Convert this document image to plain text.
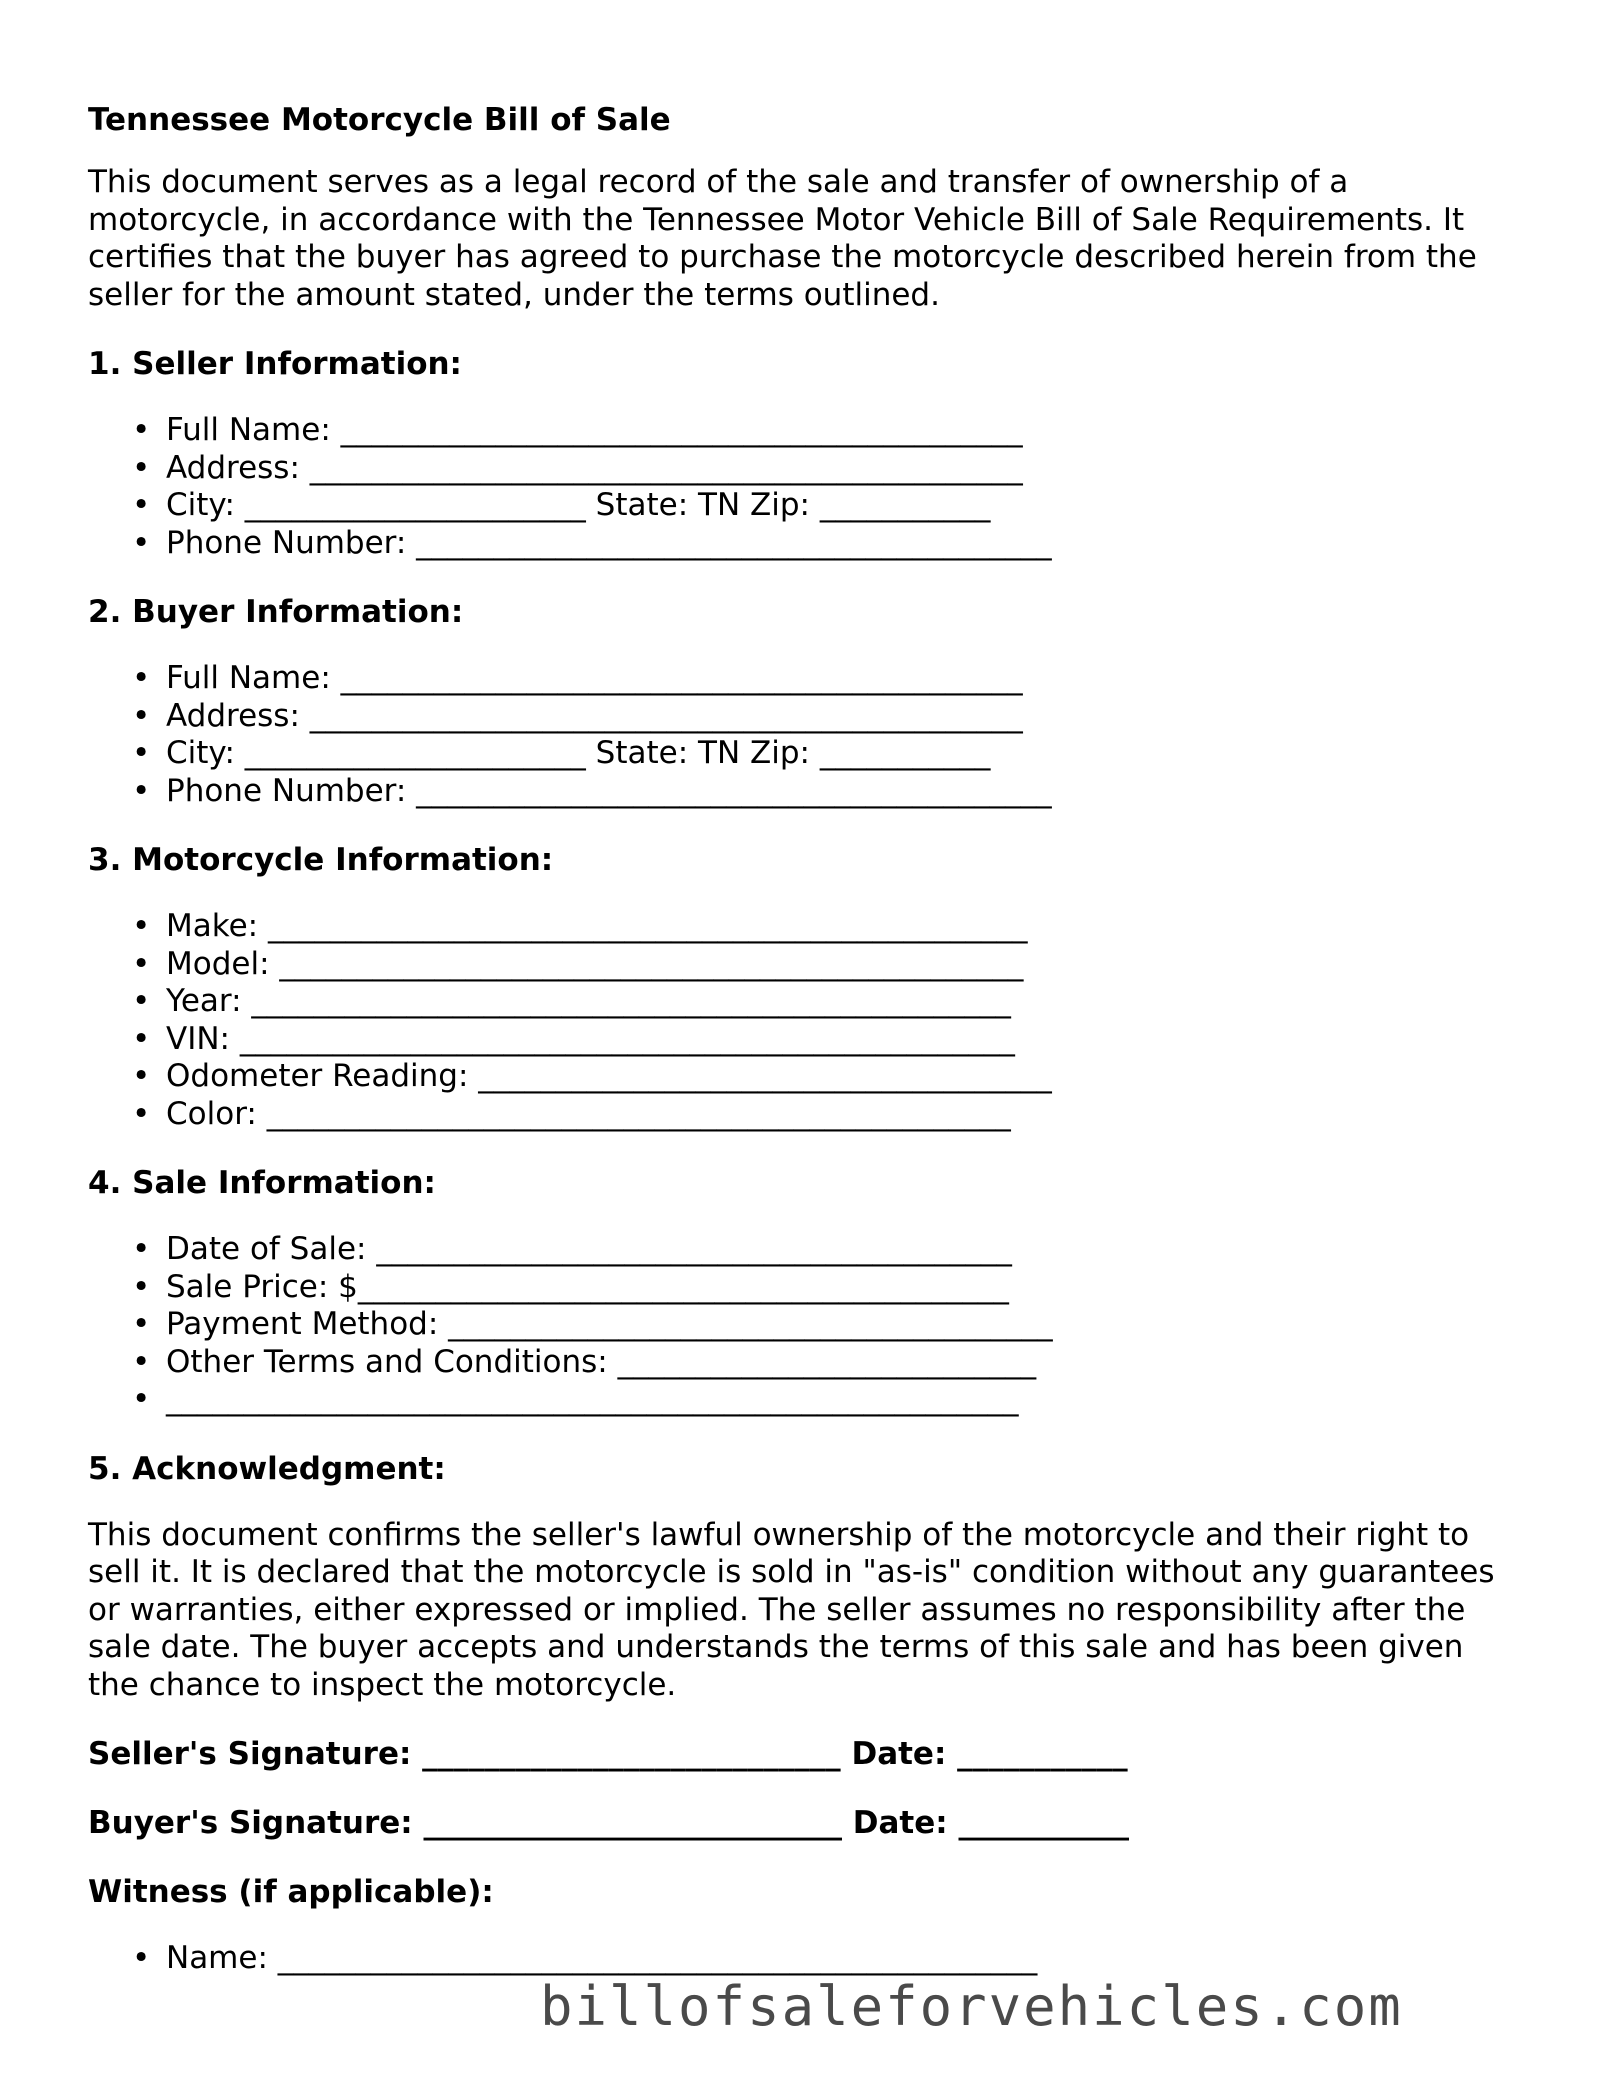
Tennessee Motorcycle Bill of Sale

This document serves as a legal record of the sale and transfer of ownership of a motorcycle, in accordance with the Tennessee Motor Vehicle Bill of Sale Requirements. It certifies that the buyer has agreed to purchase the motorcycle described herein from the seller for the amount stated, under the terms outlined.

1. Seller Information:
• Full Name: ____________________________________________
• Address: ______________________________________________
• City: ______________________ State: TN Zip: ___________
• Phone Number: _________________________________________
2. Buyer Information:
• Full Name: ____________________________________________
• Address: ______________________________________________
• City: ______________________ State: TN Zip: ___________
• Phone Number: _________________________________________
3. Motorcycle Information:
• Make: _________________________________________________
• Model: ________________________________________________
• Year: _________________________________________________
• VIN: __________________________________________________
• Odometer Reading: _____________________________________
• Color: ________________________________________________
4. Sale Information:
• Date of Sale: _________________________________________
• Sale Price: $__________________________________________
• Payment Method: _______________________________________
• Other Terms and Conditions: ___________________________
• _______________________________________________________
5. Acknowledgment:

This document confirms the seller's lawful ownership of the motorcycle and their right to sell it. It is declared that the motorcycle is sold in "as-is" condition without any guarantees or warranties, either expressed or implied. The seller assumes no responsibility after the sale date. The buyer accepts and understands the terms of this sale and has been given the chance to inspect the motorcycle.

Seller's Signature: ___________________________ Date: ___________
Buyer's Signature: ___________________________ Date: ___________
Witness (if applicable):
• Name: _________________________________________________
billofsaleforvehicles.com
